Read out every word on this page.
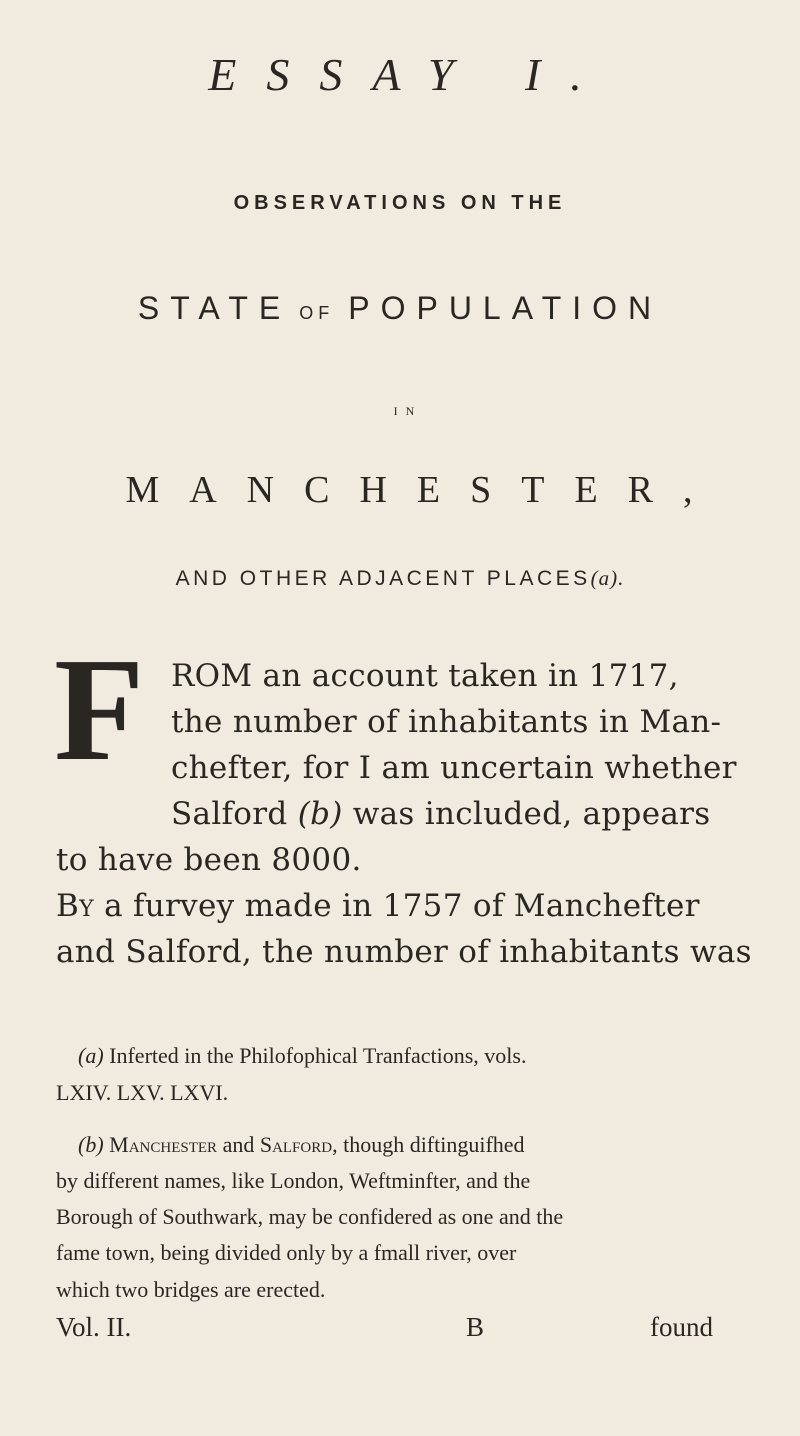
ESSAY I.
OBSERVATIONS ON THE
STATE OF POPULATION
IN
MANCHESTER,
AND OTHER ADJACENT PLACES(a).
F ROM an account taken in 1717,
the number of inhabitants in Man-
chefter, for I am uncertain whether
Salford (b) was included, appears
to have been 8000.
By a furvey made in 1757 of Manchefter
and Salford, the number of inhabitants was
(a) Inferted in the Philofophical Tranfactions, vols.
LXIV. LXV. LXVI.
(b) Manchester and Salford, though diftinguifhed
by different names, like London, Weftminfter, and the
Borough of Southwark, may be confidered as one and the
fame town, being divided only by a fmall river, over
which two bridges are erected.
Vol. II.	B	found
